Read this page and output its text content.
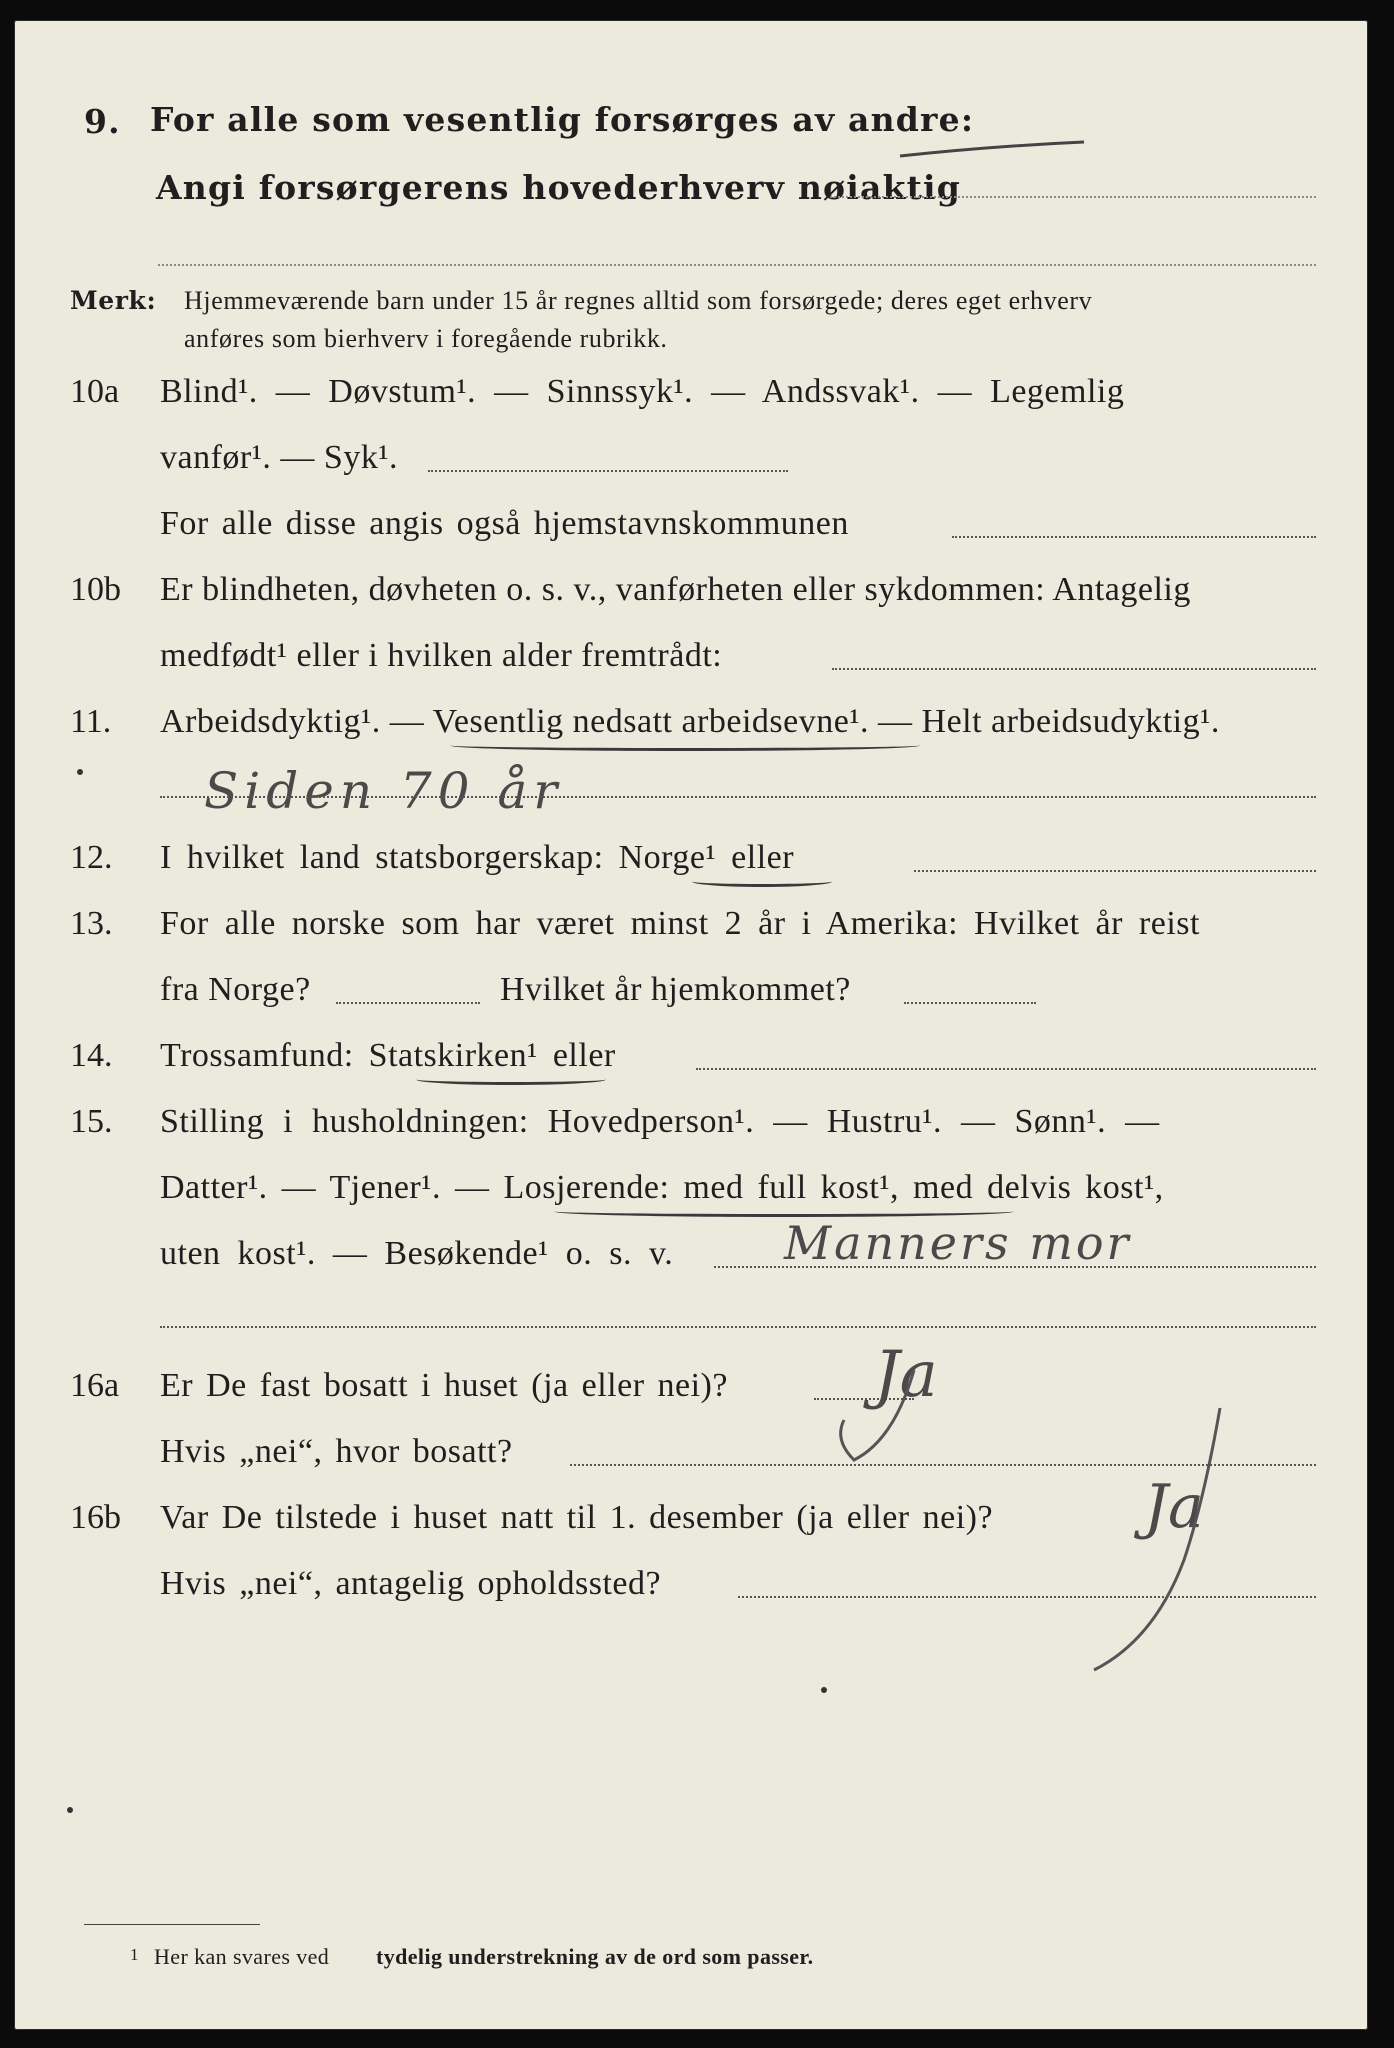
9. For alle som vesentlig forsørges av andre:
Angi forsørgerens hovederhverv nøiaktig
Merk: Hjemmeværende barn under 15 år regnes alltid som forsørgede; deres eget erhverv
anføres som bierhverv i foregående rubrikk.
10a Blind¹. — Døvstum¹. — Sinnssyk¹. — Andssvak¹. — Legemlig
vanfør¹. — Syk¹.
For alle disse angis også hjemstavnskommunen
10b Er blindheten, døvheten o. s. v., vanførheten eller sykdommen: Antagelig
medfødt¹ eller i hvilken alder fremtrådt:
11. Arbeidsdyktig¹. — Vesentlig nedsatt arbeidsevne¹. — Helt arbeidsudyktig¹.
Siden 70 år
12. I hvilket land statsborgerskap: Norge¹ eller
13. For alle norske som har været minst 2 år i Amerika: Hvilket år reist
fra Norge?	Hvilket år hjemkommet?
14. Trossamfund: Statskirken¹ eller
15. Stilling i husholdningen: Hovedperson¹. — Hustru¹. — Sønn¹. —
Datter¹. — Tjener¹. — Losjerende: med full kost¹, med delvis kost¹,
uten kost¹. — Besøkende¹ o. s. v. Manners mor
16a Er De fast bosatt i huset (ja eller nei)? Ja
Hvis „nei“, hvor bosatt?
16b Var De tilstede i huset natt til 1. desember (ja eller nei)?	Ja
Hvis „nei“, antagelig opholdssted?
1 Her kan svares ved tydelig understrekning av de ord som passer.
